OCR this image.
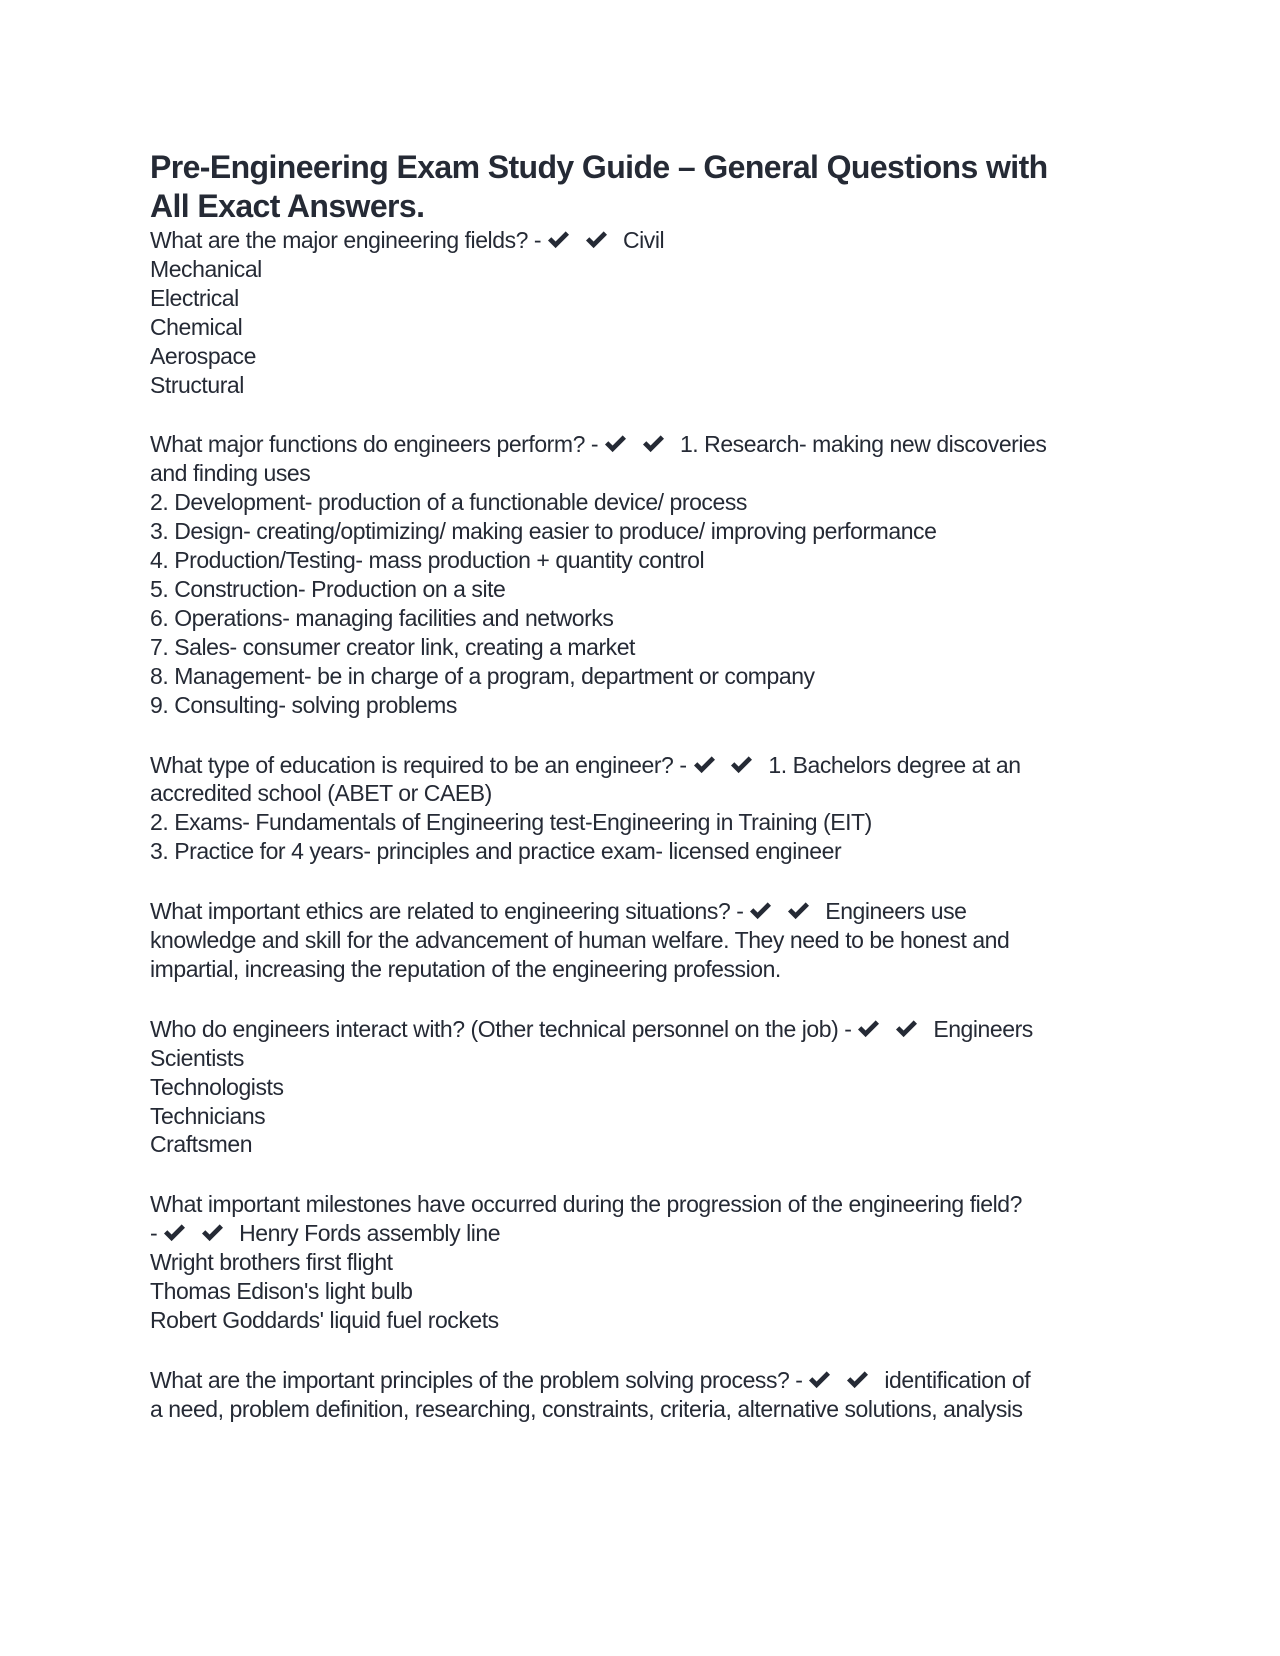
Pre-Engineering Exam Study Guide – General Questions with
All Exact Answers.
What are the major engineering fields? -
	Civil
Mechanical
Electrical
Chemical
Aerospace
Structural
What major functions do engineers perform? -
	1. Research- making new discoveries
and finding uses
2. Development- production of a functionable device/ process
3. Design- creating/optimizing/ making easier to produce/ improving performance
4. Production/Testing- mass production + quantity control
5. Construction- Production on a site
6. Operations- managing facilities and networks
7. Sales- consumer creator link, creating a market
8. Management- be in charge of a program, department or company
9. Consulting- solving problems
What type of education is required to be an engineer? -
	1. Bachelors degree at an
accredited school (ABET or CAEB)
2. Exams- Fundamentals of Engineering test-Engineering in Training (EIT)
3. Practice for 4 years- principles and practice exam- licensed engineer
What important ethics are related to engineering situations? -
	Engineers use
knowledge and skill for the advancement of human welfare. They need to be honest and
impartial, increasing the reputation of the engineering profession.
Who do engineers interact with? (Other technical personnel on the job) -
	Engineers
Scientists
Technologists
Technicians
Craftsmen
What important milestones have occurred during the progression of the engineering field?
-
	Henry Fords assembly line
Wright brothers first flight
Thomas Edison's light bulb
Robert Goddards' liquid fuel rockets
What are the important principles of the problem solving process? -
	identification of
a need, problem definition, researching, constraints, criteria, alternative solutions, analysis
